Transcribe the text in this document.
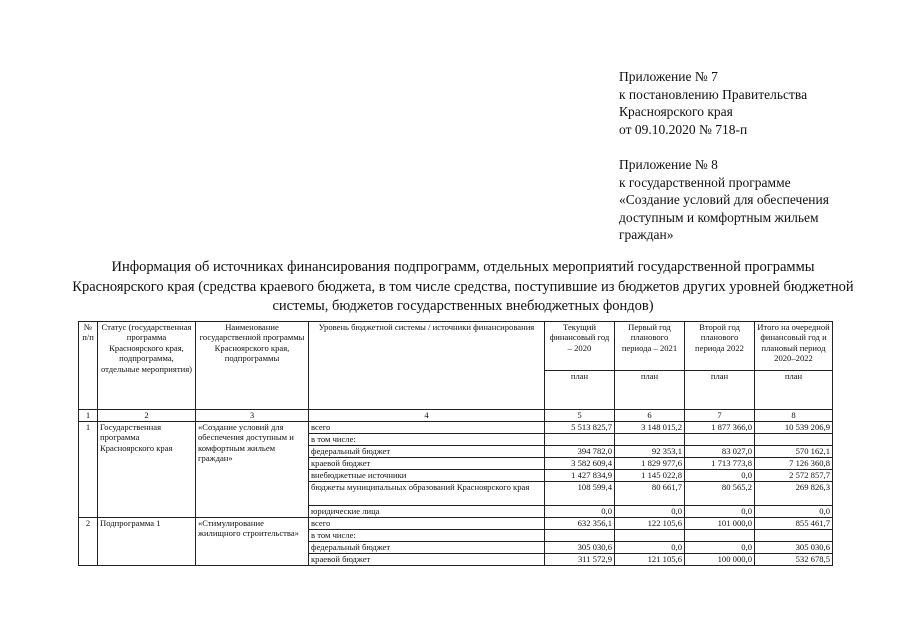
Приложение № 7
к постановлению Правительства
Красноярского края
от 09.10.2020 № 718-п
Приложение № 8
к государственной программе
«Создание условий для обеспечения
доступным и комфортным жильем
граждан»
Информация об источниках финансирования подпрограмм, отдельных мероприятий государственной программы
Красноярского края (средства краевого бюджета, в том числе средства, поступившие из бюджетов других уровней бюджетной
системы, бюджетов государственных внебюджетных фондов)
№ п/п	Статус (государственная программа Красноярского края, подпрограмма, отдельные мероприятия)	Наименование государственной программы Красноярского края, подпрограммы	Уровень бюджетной системы / источники финансирования	Текущий финансовый год – 2020	Первый год планового периода – 2021	Второй год планового периода 2022	Итого на очередной финансовый год и плановый период 2020–2022
				план	план	план	план
1	2	3	4	5	6	7	8
1	Государственная программа Красноярского края	«Создание условий для обеспечения доступным и комфортным жильем граждан»	всего	5 513 825,7	3 148 015,2	1 877 366,0	10 539 206,9
			в том числе:				
			федеральный бюджет	394 782,0	92 353,1	83 027,0	570 162,1
			краевой бюджет	3 582 609,4	1 829 977,6	1 713 773,8	7 126 360,8
			внебюджетные источники	1 427 834,9	1 145 022,8	0,0	2 572 857,7
			бюджеты муниципальных образований Красноярского края	108 599,4	80 661,7	80 565,2	269 826,3
			юридические лица	0,0	0,0	0,0	0,0
2	Подпрограмма 1	«Стимулирование жилищного строительства»	всего	632 356,1	122 105,6	101 000,0	855 461,7
			в том числе:				
			федеральный бюджет	305 030,6	0,0	0,0	305 030,6
			краевой бюджет	311 572,9	121 105,6	100 000,0	532 678,5
